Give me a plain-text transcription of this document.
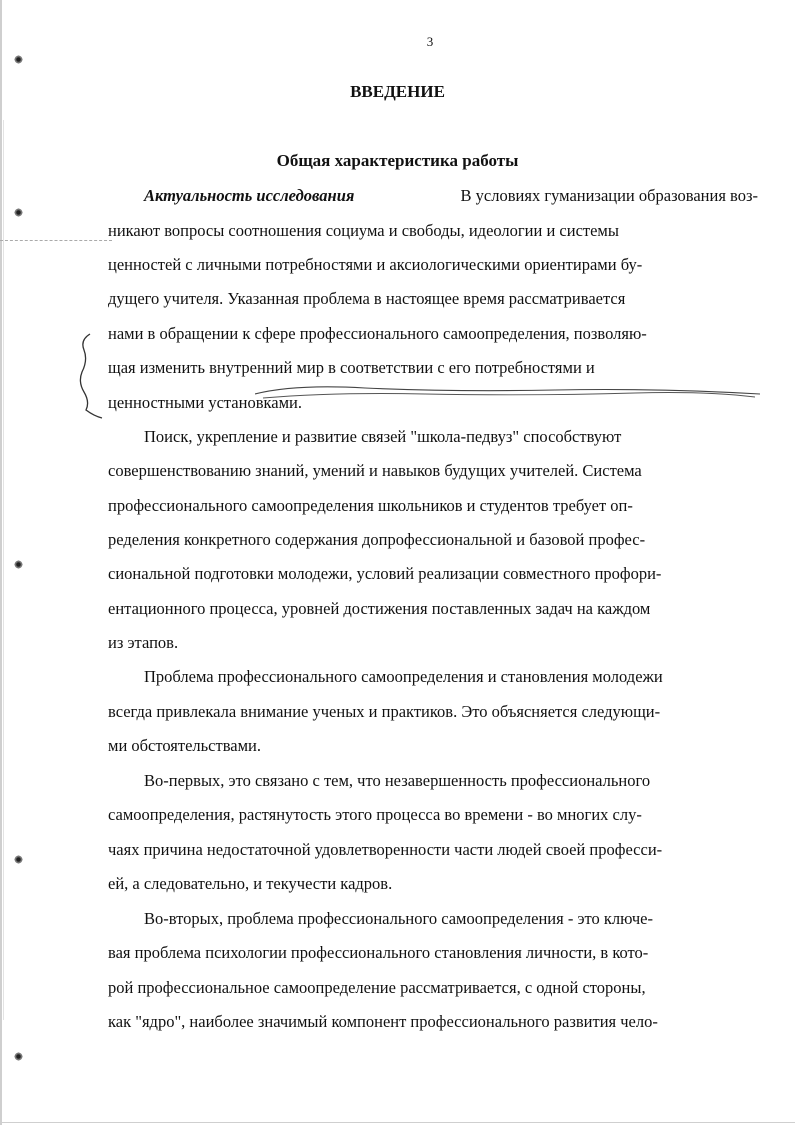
3
ВВЕДЕНИЕ
Общая характеристика работы
Актуальность исследования	В условиях гуманизации образования воз-
никают вопросы соотношения социума и свободы, идеологии и системы
ценностей с личными потребностями и аксиологическими ориентирами бу-
дущего учителя. Указанная проблема в настоящее время рассматривается
нами в обращении к сфере профессионального самоопределения, позволяю-
щая изменить внутренний мир в соответствии с его потребностями и
ценностными установками.
Поиск, укрепление и развитие связей "школа-педвуз" способствуют
совершенствованию знаний, умений и навыков будущих учителей. Система
профессионального самоопределения школьников и студентов требует оп-
ределения конкретного содержания допрофессиональной и базовой профес-
сиональной подготовки молодежи, условий реализации совместного профори-
ентационного процесса, уровней достижения поставленных задач на каждом
из этапов.
Проблема профессионального самоопределения и становления молодежи
всегда привлекала внимание ученых и практиков. Это объясняется следующи-
ми обстоятельствами.
Во-первых, это связано с тем, что незавершенность профессионального
самоопределения, растянутость этого процесса во времени - во многих слу-
чаях причина недостаточной удовлетворенности части людей своей професси-
ей, а следовательно, и текучести кадров.
Во-вторых, проблема профессионального самоопределения - это ключе-
вая проблема психологии профессионального становления личности, в кото-
рой профессиональное самоопределение рассматривается, с одной стороны,
как "ядро", наиболее значимый компонент профессионального развития чело-
